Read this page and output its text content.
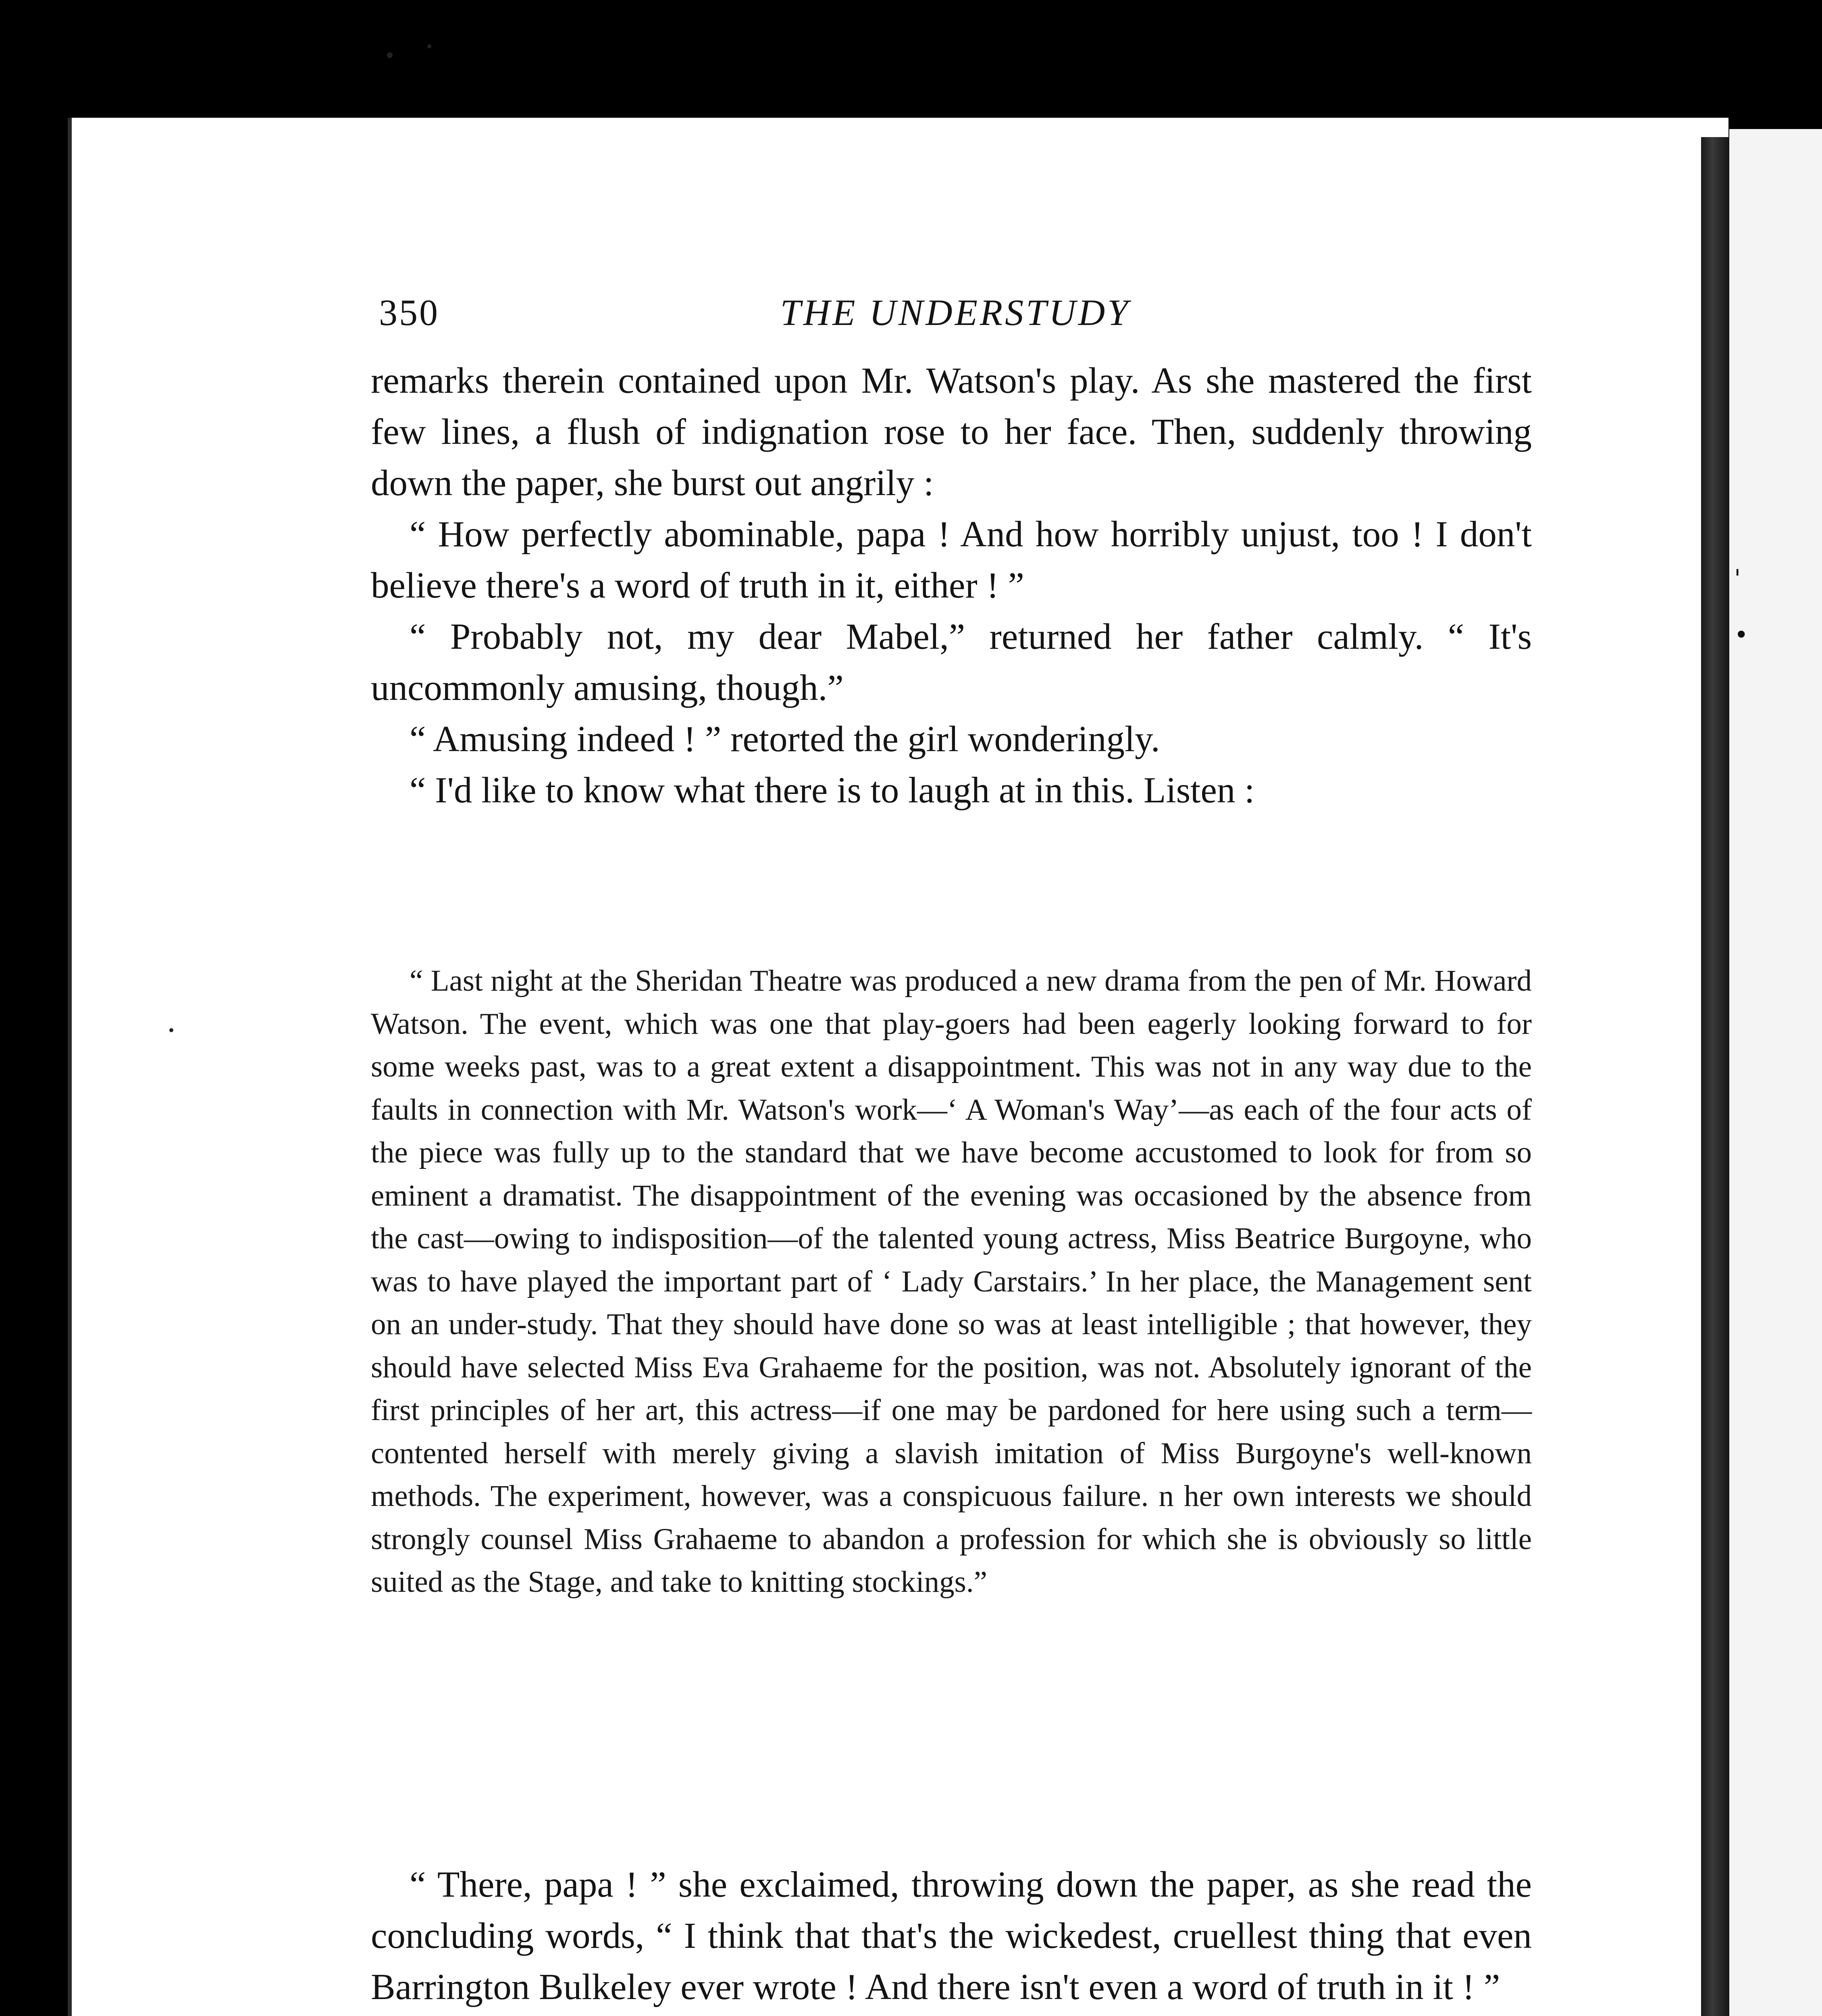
'
•
350	THE UNDERSTUDY

remarks therein contained upon Mr. Watson's play. As she mastered the first few lines, a flush of indignation rose to her face. Then, suddenly throwing down the paper, she burst out angrily :

“ How perfectly abominable, papa ! And how horribly unjust, too ! I don't believe there's a word of truth in it, either ! ”

“ Probably not, my dear Mabel,” returned her father calmly. “ It's uncommonly amusing, though.”

“ Amusing indeed ! ” retorted the girl wonderingly.

“ I'd like to know what there is to laugh at in this. Listen :

“ Last night at the Sheridan Theatre was produced a new drama from the pen of Mr. Howard Watson. The event, which was one that play-goers had been eagerly looking forward to for some weeks past, was to a great extent a disappointment. This was not in any way due to the faults in connection with Mr. Watson's work—‘ A Woman's Way’—as each of the four acts of the piece was fully up to the standard that we have become accustomed to look for from so eminent a dramatist. The disappointment of the evening was occasioned by the absence from the cast—owing to indisposition—of the talented young actress, Miss Beatrice Burgoyne, who was to have played the important part of ‘ Lady Carstairs.’ In her place, the Management sent on an under-study. That they should have done so was at least intelligible ; that however, they should have selected Miss Eva Grahaeme for the position, was not. Absolutely ignorant of the first principles of her art, this actress—if one may be pardoned for here using such a term—contented herself with merely giving a slavish imitation of Miss Burgoyne's well-known methods. The experiment, however, was a conspicuous failure. n her own interests we should strongly counsel Miss Grahaeme to abandon a profession for which she is obviously so little suited as the Stage, and take to knitting stockings.”

“ There, papa ! ” she exclaimed, throwing down the paper, as she read the concluding words, “ I think that that's the wickedest, cruellest thing that even Barrington Bulkeley ever wrote ! And there isn't even a word of truth in it ! ”
